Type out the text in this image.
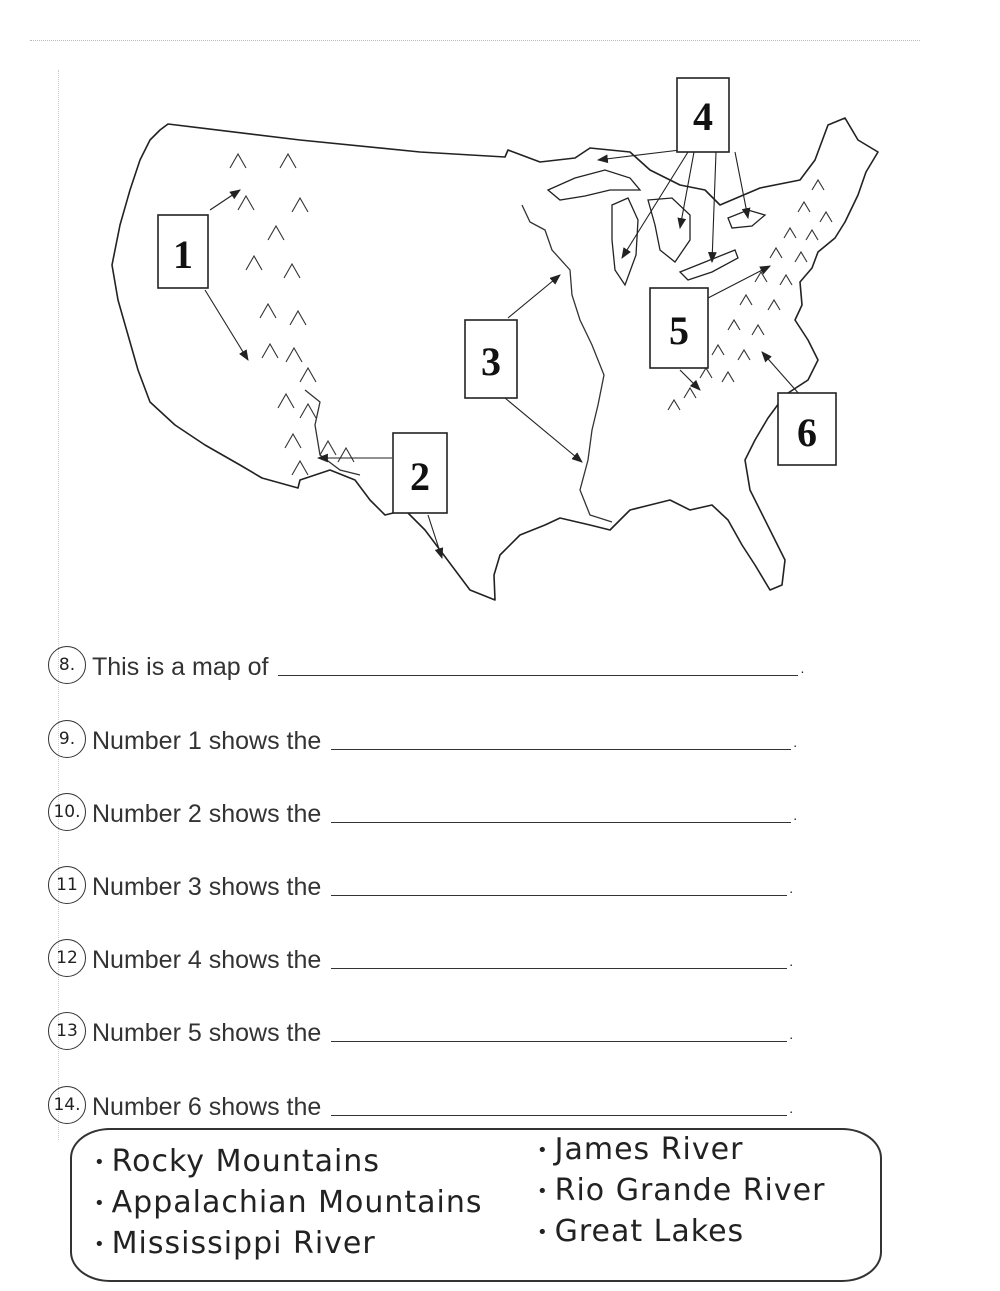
1
2
3
4
5
6
8. This is a map of	.
9. Number 1 shows the	.
10. Number 2 shows the	.
11 Number 3 shows the	.
12 Number 4 shows the	.
13 Number 5 shows the	.
14. Number 6 shows the	.
• Rocky Mountains
• Appalachian Mountains
• Mississippi River
• James River
• Rio Grande River
• Great Lakes
